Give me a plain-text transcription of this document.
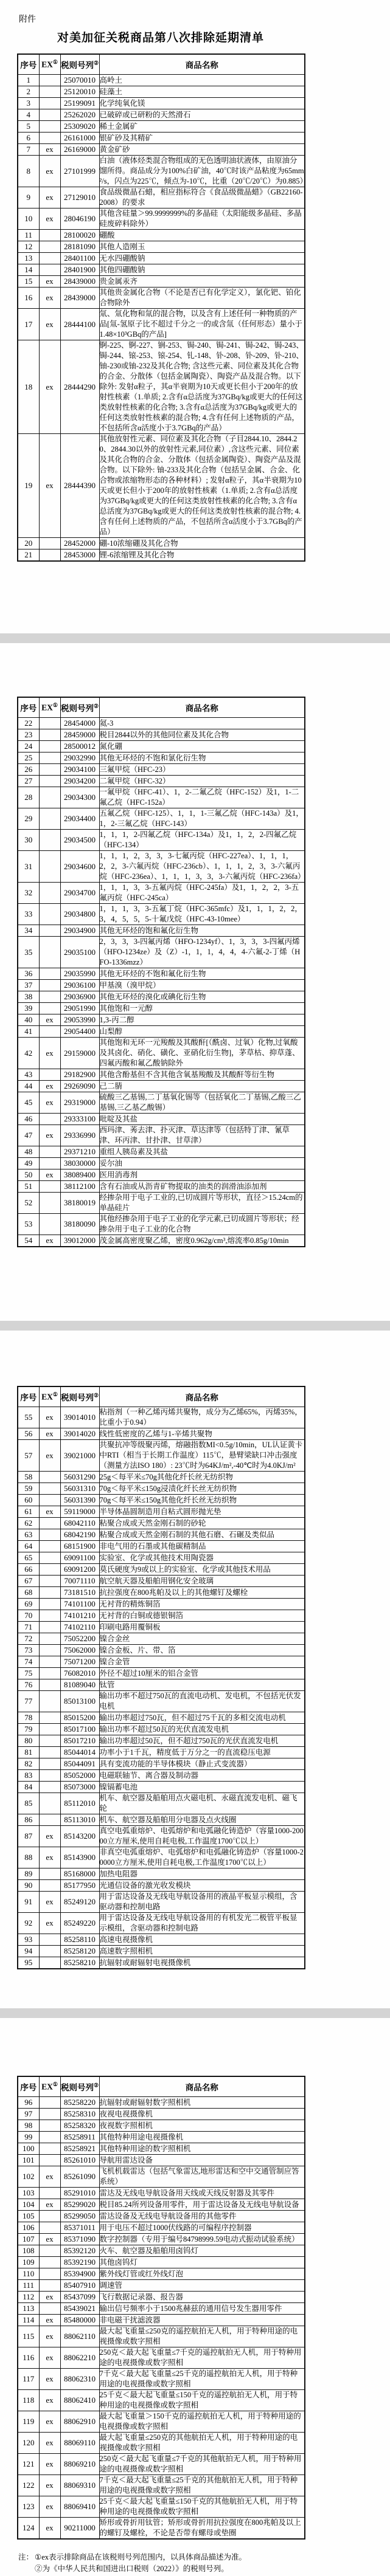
附件
对美加征关税商品第八次排除延期清单
序号	EX①	税则号列②	商品名称
1		25070010	高岭土
2		25120010	硅藻土
3		25199091	化学纯氧化镁
4		25262020	已破碎或已研粉的天然滑石
5		25309020	稀土金属矿
6		26161000	银矿砂及其精矿
7	ex	26169000	黄金矿砂
8	ex	27101999	白油（液体烃类混合物组成的无色透明油状液体，由原油分馏所得。商品成分为100%白矿油，40℃时该产品粘度为65mm²/s，闪点为225℃，倾点为-10℃，比重（20℃/20℃）为0.885）
9	ex	27129010	食品级微晶石蜡，相应指标符合《食品级微晶蜡》（GB22160-2008）的要求
10	ex	28046190	其他含硅量＞99.9999999%的多晶硅（太阳能级多晶硅、多晶硅废碎料除外）
11		28100020	硼酸
12		28181090	其他人造刚玉
13		28401100	无水四硼酸钠
14		28401900	其他四硼酸钠
15	ex	28439000	贵金属汞齐
16	ex	28439000	其他贵金属化合物（不论是否已有化学定义），氯化钯、铂化合物除外
17	ex	28444100	氚、氚化物和氚的混合物，以及含有上述任何一种物质的产品[氚-氢原子比不超过千分之一的或含氚（任何形态）量小于1.48×10³GBq的产品]
18	ex	28444290	锕-225、锕-227、锎-253、锔-240、锔-241、锔-242、锔-243、锔-244、锿-253、锿-254、钆-148、钋-208、钋-209、钋-210、铀-230或铀-232及其化合物; 含这些元素、同位素及其化合物的合金、分散体（包括金属陶瓷）、陶瓷产品及混合物。以下除外: 发射α粒子，其α半衰期为10天或更长但小于200年的放射性核素（1.单质; 2.含有α总活度为37GBq/kg或更大的任何这类放射性核素的化合物; 3.含有α总活度为37GBq/kg或更大的任何这类放射性核素的混合物; 4.含有任何上述物质的产品，不包括所含α活度小于3.7GBq的产品）
19	ex	28444390	其他放射性元素、同位素及其化合物（子目2844.10、2844.20、2844.30以外的放射性元素,同位素）,含这些元素、同位素及其化合物的合金、分散体（包括金属陶瓷）、陶瓷产品及混合物。以下除外: 铀-233及其化合物（包括呈金属、合金、化合物或浓缩物形态的各种材料）; 发射α粒子，其α半衰期为10天或更长但小于200年的放射性核素（1.单质; 2.含有α总活度为37GBq/kg或更大的任何这类放射性核素的化合物; 3.含有α总活度为37GBq/kg或更大的任何这类放射性核素的混合物; 4.含有任何上述物质的产品，不包括所含α活度小于3.7GBq的产品）
20		28452000	硼-10浓缩硼及其化合物
21		28453000	锂-6浓缩锂及其化合物
序号	EX①	税则号列②	商品名称
22		28454000	氦-3
23		28459000	税目2844以外的其他同位素及其化合物
24		28500012	氮化硼
25		29032990	其他无环烃的不饱和氯化衍生物
26		29034100	三氟甲烷（HFC-23）
27		29034200	二氟甲烷（HFC-32）
28		29034300	一氟甲烷（HFC-41）、1，2-二氟乙烷（HFC-152）及1，1-二氟乙烷（HFC-152a）
29		29034400	五氟乙烷（HFC-125）、1，1，1-三氟乙烷（HFC-143a）及1，1，2-三氟乙烷（HFC-143）
30		29034500	1，1，1，2-四氟乙烷（HFC-134a）及1，1，2，2-四氟乙烷（HFC-134）
31		29034600	1，1，1，2，3，3，3-七氟丙烷（HFC-227ea）、1，1，1，2，2，3-六氟丙烷（HFC-236cb）、1，1，1，2，3，3-六氟丙烷（HFC-236ea）、1，1，1，3，3，3-六氟丙烷（HFC-236fa）
32		29034700	1，1，1，3，3-五氟丙烷（HFC-245fa）及1，1，2，2，3-五氟丙烷（HFC-245ca）
33		29034800	1，1，1，3，3-五氟丁烷（HFC-365mfc）及1，1，1，2，2，3，4，5，5，5-十氟戊烷（HFC-43-10mee）
34		29034900	其他无环烃的饱和氟化衍生物
35		29035100	2，3，3，3-四氟丙烯（HFO-1234yf）、1，3，3，3-四氟丙烯（HFO-1234ze）及（Z）-1，1，1，4，4，4-六氟-2-丁烯（HFO-1336mzz）
36		29035990	其他无环烃的不饱和氟化衍生物
37		29036100	甲基溴（溴甲烷）
38		29036900	其他无环烃的溴化或碘化衍生物
39		29051990	其他饱和一元醇
40	ex	29053990	1,3-丙二醇
41		29054400	山梨醇
42	ex	29159000	其他饱和无环一元羧酸及其酸酐[（酰卤、过氧）化物,过氧酸及其卤化、硝化、磺化、亚硝化衍生物]，茅草枯、抑草蓬、四氟丙酸和氟乙酸钠除外
43		29182900	其他含酚基但不含其他含氧基羧酸及其酸酐等衍生物
44	ex	29269090	己二腈
45	ex	29319000	硫酸三乙基锡,二丁基氧化锡等（包括氧化二丁基锡,乙酸三乙基锡,三乙基乙酸锡）
46		29333100	吡啶及其盐
47	ex	29336990	西玛津、莠去津、扑灭津、草达津等（包括特丁津、氰草津、环丙津、甘扑津、甘草津）
48		29371210	重组人胰岛素及其盐
49		38030000	妥尔油
50	ex	38089400	医用消毒剂
51		38112100	含有石油或从沥青矿物提取的油类的润滑油添加剂
52		38180019	经掺杂用于电子工业的,已切成圆片等形状，直径＞15.24cm的单晶硅片
53		38180090	其他经掺杂用于电子工业的化学元素,已切成圆片等形状；经掺杂用于电子工业的化合物
54	ex	39012000	茂金属高密度聚乙烯，密度0.962g/cm³,熔流率0.85g/10min
序号	EX①	税则号列②	商品名称
55	ex	39014010	粘指剂（一种乙烯丙烯共聚物，成分为乙烯65%，丙烯35%，比重小于0.94）
56	ex	39014020	线性低密度的乙烯与1-辛烯共聚物
57	ex	39021000	共聚抗冲等级聚丙烯，熔融指数MI<0.5g/10min，UL认证黄卡中RTI（相当于长期工作温度）115℃，悬臂梁缺口冲击强度（测量方法ISO 180）: 23℃时为64KJ/m²,-40℃时为4.0KJ/m²
58		56031290	25g＜每平米≤70g其他化纤长丝无纺织物
59		56031310	70g＜每平米≤150g浸渍化纤长丝无纺织物
60		56031390	70g＜每平米≤150g其他化纤长丝无纺织物
61	ex	59119000	半导体晶圆制造用自粘式圆形抛光垫
62		68042110	粘聚合成或天然金刚石制的砂轮
63		68042190	粘聚合成或天然金刚石制的其他石磨、石碾及类似品
64		68151900	非电气用的石墨或其他碳精制品
65		69091100	实验室、化学或其他技术用陶瓷器
66		69091200	莫氏硬度为9或以上的实验室、化学或其他技术用品
67		70071110	航空航天器及船舶用钢化安全玻璃
68		73181510	抗拉强度在800兆帕及以上的其他螺钉及螺栓
69		74101100	无衬背的精炼铜箔
70		74101210	无衬背的白铜或德银铜箔
71		74102110	印刷电路用覆铜板
72		75052200	镍合金丝
73		75062000	镍合金板、片、带、箔
74		75071200	镍合金管
75		76082010	外径不超过10厘米的铝合金管
76		81089040	钛管
77		85013100	输出功率不超过750瓦的直流电动机、发电机，不包括光伏发电机
78		85015200	输出功率超过750瓦，但不超过75千瓦的多相交流电动机
79		85017100	输出功率不超过50瓦的光伏直流发电机
80		85017210	输出功率超过50瓦，但不超过750瓦的光伏直流发电机
81		85044014	功率小于1千瓦，精度低于万分之一的直流稳压电源
82		85044091	具有变流功能的半导体模块（静止式变流器）
83		85052000	电磁联轴节、离合器及制动器
84		85073000	镍镉蓄电池
85		85112010	机车、航空器及船舶用点火磁电机、永磁直流发电机、磁飞轮
86		85113010	机车、航空器及船舶用分电器及点火线圈
87	ex	85143200	真空电弧重熔炉、电弧熔炉和电弧融化铸造炉（容量1000-20000立方厘米,使用自耗电极,工作温度1700℃以上）
88	ex	85143900	非真空电弧重熔炉、电弧熔炉和电弧融化铸造炉（容量1000-20000立方厘米,使用自耗电极,工作温度1700℃以上）
89		85168000	加热电阻器
90		85177950	光通信设备的激光收发模块
91	ex	85249120	用于雷达设备及无线电导航设备用的液晶平板显示模组，含驱动器和控制电路
92	ex	85249220	用于雷达设备及无线电导航设备用的有机发光二极管平板显示模组，含驱动器和控制电路
93		85258110	高速电视摄像机
94		85258120	高速数字照相机
95		85258210	抗辐射或耐辐射电视摄像机
序号	EX①	税则号列②	商品名称
96		85258220	抗辐射或耐辐射数字照相机
97		85258310	夜视电视摄像机
98		85258320	夜视数字照相机
99		85258911	其他特种用途电视摄像机
100		85258921	其他特种用途的数字照相机
101		85261010	导航用雷达设备
102	ex	85261090	飞机机载雷达（包括气象雷达,地形雷达和空中交通管制应答系统）
103		85291010	雷达及无线电导航设备用天线或天线反射器及其零件
104	ex	85299020	税目85.24所列设备用零件，用于雷达设备及无线电导航设备
105		85299050	雷达设备及无线电导航设备用的其他零件
106		85371011	用于电压不超过1000伏线路的可编程序控制器
107	ex	85371090	数字控制器（专用于编号84798999.59电动式振动试验系统）
108		85392120	火车、航空器及船舶用卤钨灯
109		85392190	其他卤钨灯
110		85394900	紫外线灯管或红外线灯泡
111		85407910	调速管
112	ex	85437099	飞行数据记录器、报告器
113		85439021	输出信号频率小于1500兆赫兹的通用信号发生器用零件
114	ex	85480000	非电磁干扰滤波器
115	ex	88062110	最大起飞重量≤250克的遥控航拍无人机，用于特种用途的电视摄像或数字照相
116	ex	88062210	250克＜最大起飞重量≤7千克的遥控航拍无人机，用于特种用途的电视摄像或数字照相
117	ex	88062310	7千克＜最大起飞重量≤25千克的遥控航拍无人机，用于特种用途的电视摄像或数字照相
118	ex	88062410	25千克＜最大起飞重量≤150千克的遥控航拍无人机，用于特种用途的电视摄像或数字照相
119	ex	88062910	最大起飞重量＞150千克的遥控航拍无人机，用于特种用途的电视摄像或数字照相
120	ex	88069110	最大起飞重量≤250克的其他航拍无人机，用于特种用途的电视摄像或数字照相
121	ex	88069210	250克＜最大起飞重量≤7千克的其他航拍无人机，用于特种用途的电视摄像或数字照相
122	ex	88069310	7千克＜最大起飞重量≤25千克的其他航拍无人机，用于特种用途的电视摄像或数字照相
123	ex	88069410	25千克＜最大起飞重量≤150千克的其他航拍无人机，用于特种用途的电视摄像或数字照相
124	ex	90211000	矫形或骨折用钛管；矫形或骨折用抗拉强度在800兆帕及以上的螺钉及螺栓，不论是否带有螺母或垫圈
注： ①ex表示排除商品在该税则号列范围内，以具体商品描述为准。
②为《中华人民共和国进出口税则（2022）》的税则号列。
